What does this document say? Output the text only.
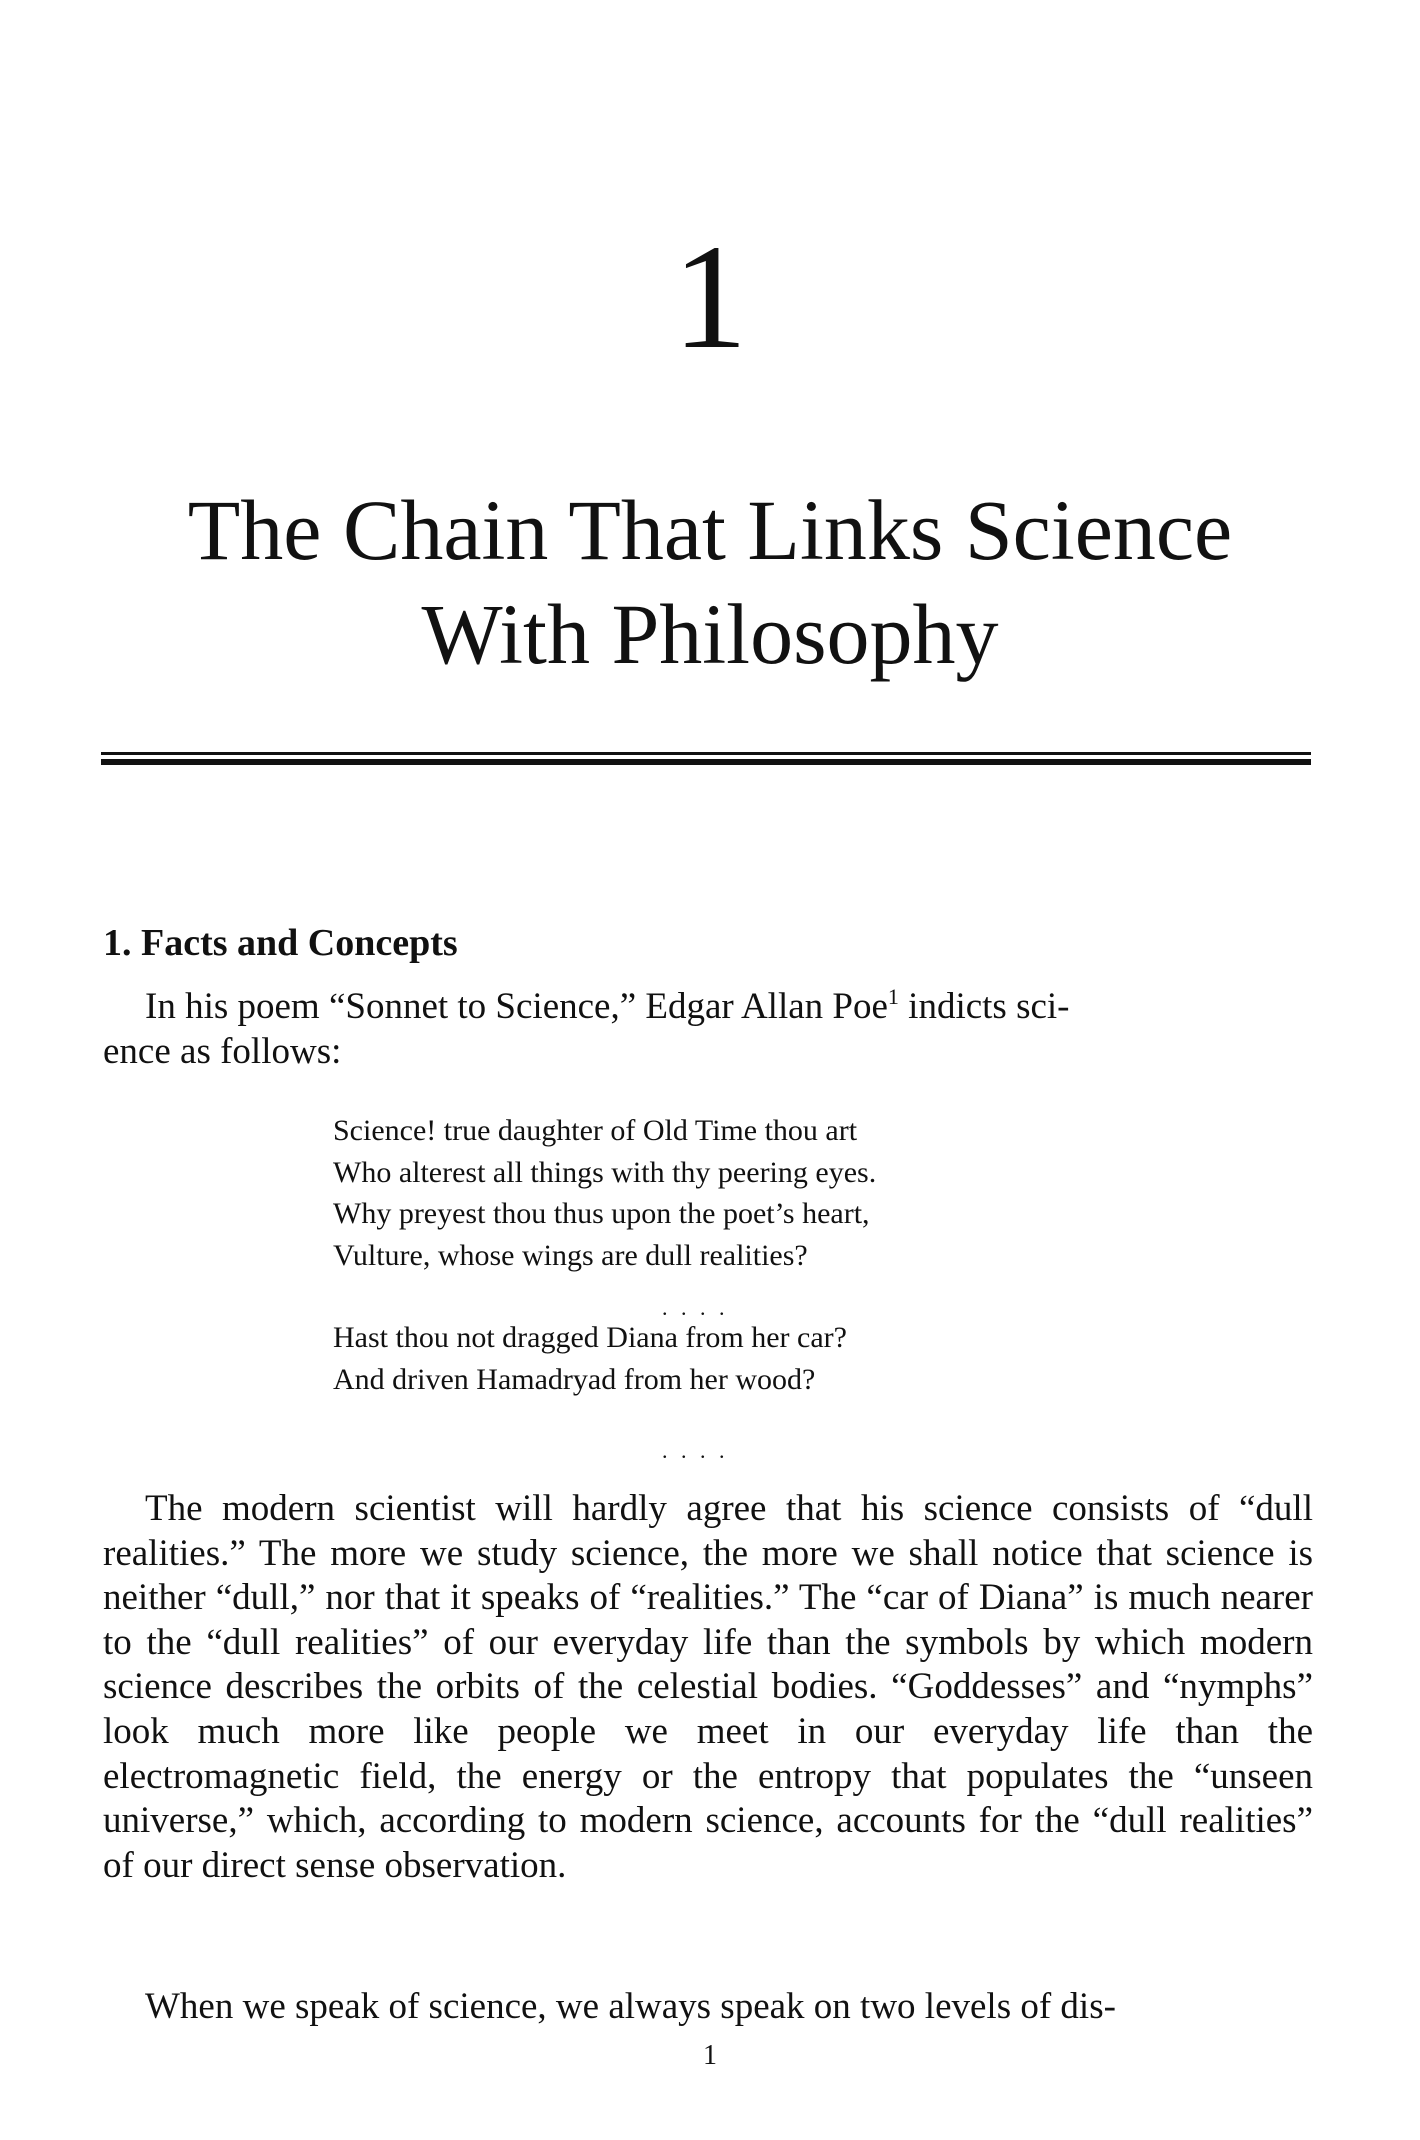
1
The Chain That Links Science
With Philosophy
1. Facts and Concepts
In his poem “Sonnet to Science,” Edgar Allan Poe$^1$ indicts sci-
ence as follows:
Science! true daughter of Old Time thou art
Who alterest all things with thy peering eyes.
Why preyest thou thus upon the poet’s heart,
Vulture, whose wings are dull realities?
Hast thou not dragged Diana from her car?
And driven Hamadryad from her wood?
. . . .
. . . .
The modern scientist will hardly agree that his science consists of “dull realities.” The more we study science, the more we shall notice that science is neither “dull,” nor that it speaks of “realities.” The “car of Diana” is much nearer to the “dull realities” of our everyday life than the symbols by which modern science describes the orbits of the celestial bodies. “Goddesses” and “nymphs” look much more like people we meet in our everyday life than the electromagnetic field, the energy or the entropy that populates the “unseen universe,” which, according to modern science, accounts for the “dull realities” of our direct sense observation.
When we speak of science, we always speak on two levels of dis-
1
